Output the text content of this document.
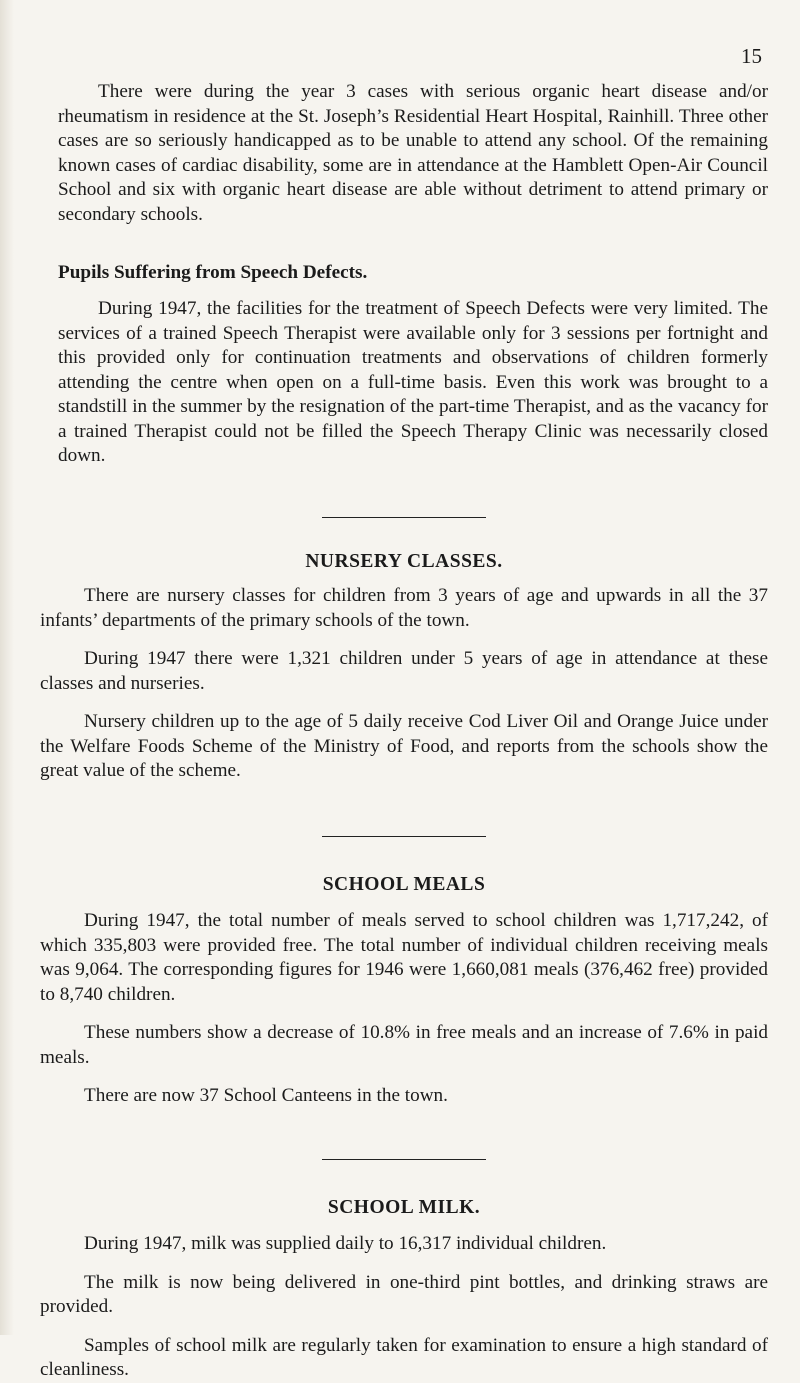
15

There were during the year 3 cases with serious organic heart disease and/or rheumatism in residence at the St. Joseph’s Residential Heart Hospital, Rainhill. Three other cases are so seriously handicapped as to be unable to attend any school. Of the remaining known cases of cardiac disability, some are in attendance at the Hamblett Open-Air Council School and six with organic heart disease are able without detriment to attend primary or secondary schools.

Pupils Suffering from Speech Defects.

During 1947, the facilities for the treatment of Speech Defects were very limited. The services of a trained Speech Therapist were available only for 3 sessions per fortnight and this provided only for continuation treatments and observations of children formerly attending the centre when open on a full-time basis. Even this work was brought to a standstill in the summer by the resignation of the part-time Therapist, and as the vacancy for a trained Therapist could not be filled the Speech Therapy Clinic was necessarily closed down.

NURSERY CLASSES.

There are nursery classes for children from 3 years of age and upwards in all the 37 infants’ departments of the primary schools of the town.

During 1947 there were 1,321 children under 5 years of age in attendance at these classes and nurseries.

Nursery children up to the age of 5 daily receive Cod Liver Oil and Orange Juice under the Welfare Foods Scheme of the Ministry of Food, and reports from the schools show the great value of the scheme.

SCHOOL MEALS

During 1947, the total number of meals served to school children was 1,717,242, of which 335,803 were provided free. The total number of individual children receiving meals was 9,064. The corresponding figures for 1946 were 1,660,081 meals (376,462 free) provided to 8,740 children.

These numbers show a decrease of 10.8% in free meals and an increase of 7.6% in paid meals.

There are now 37 School Canteens in the town.

SCHOOL MILK.

During 1947, milk was supplied daily to 16,317 individual children.

The milk is now being delivered in one-third pint bottles, and drinking straws are provided.

Samples of school milk are regularly taken for examination to ensure a high standard of cleanliness.
